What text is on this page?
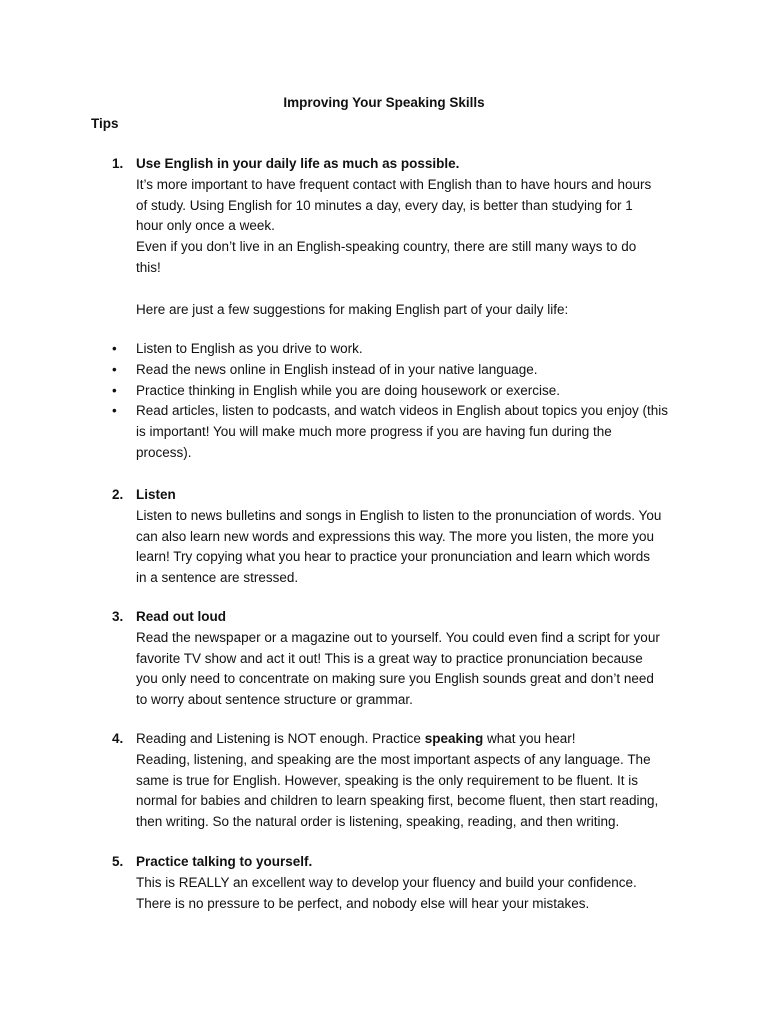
Improving Your Speaking Skills
Tips
1. Use English in your daily life as much as possible.
It’s more important to have frequent contact with English than to have hours and hours
of study. Using English for 10 minutes a day, every day, is better than studying for 1
hour only once a week.
Even if you don’t live in an English-speaking country, there are still many ways to do
this!
Here are just a few suggestions for making English part of your daily life:
• Listen to English as you drive to work.
• Read the news online in English instead of in your native language.
• Practice thinking in English while you are doing housework or exercise.
• Read articles, listen to podcasts, and watch videos in English about topics you enjoy (this
is important! You will make much more progress if you are having fun during the
process).
2. Listen
Listen to news bulletins and songs in English to listen to the pronunciation of words. You
can also learn new words and expressions this way. The more you listen, the more you
learn! Try copying what you hear to practice your pronunciation and learn which words
in a sentence are stressed.
3. Read out loud
Read the newspaper or a magazine out to yourself. You could even find a script for your
favorite TV show and act it out! This is a great way to practice pronunciation because
you only need to concentrate on making sure you English sounds great and don’t need
to worry about sentence structure or grammar.
4. Reading and Listening is NOT enough. Practice speaking what you hear!
Reading, listening, and speaking are the most important aspects of any language. The
same is true for English. However, speaking is the only requirement to be fluent. It is
normal for babies and children to learn speaking first, become fluent, then start reading,
then writing. So the natural order is listening, speaking, reading, and then writing.
5. Practice talking to yourself.
This is REALLY an excellent way to develop your fluency and build your confidence.
There is no pressure to be perfect, and nobody else will hear your mistakes.
